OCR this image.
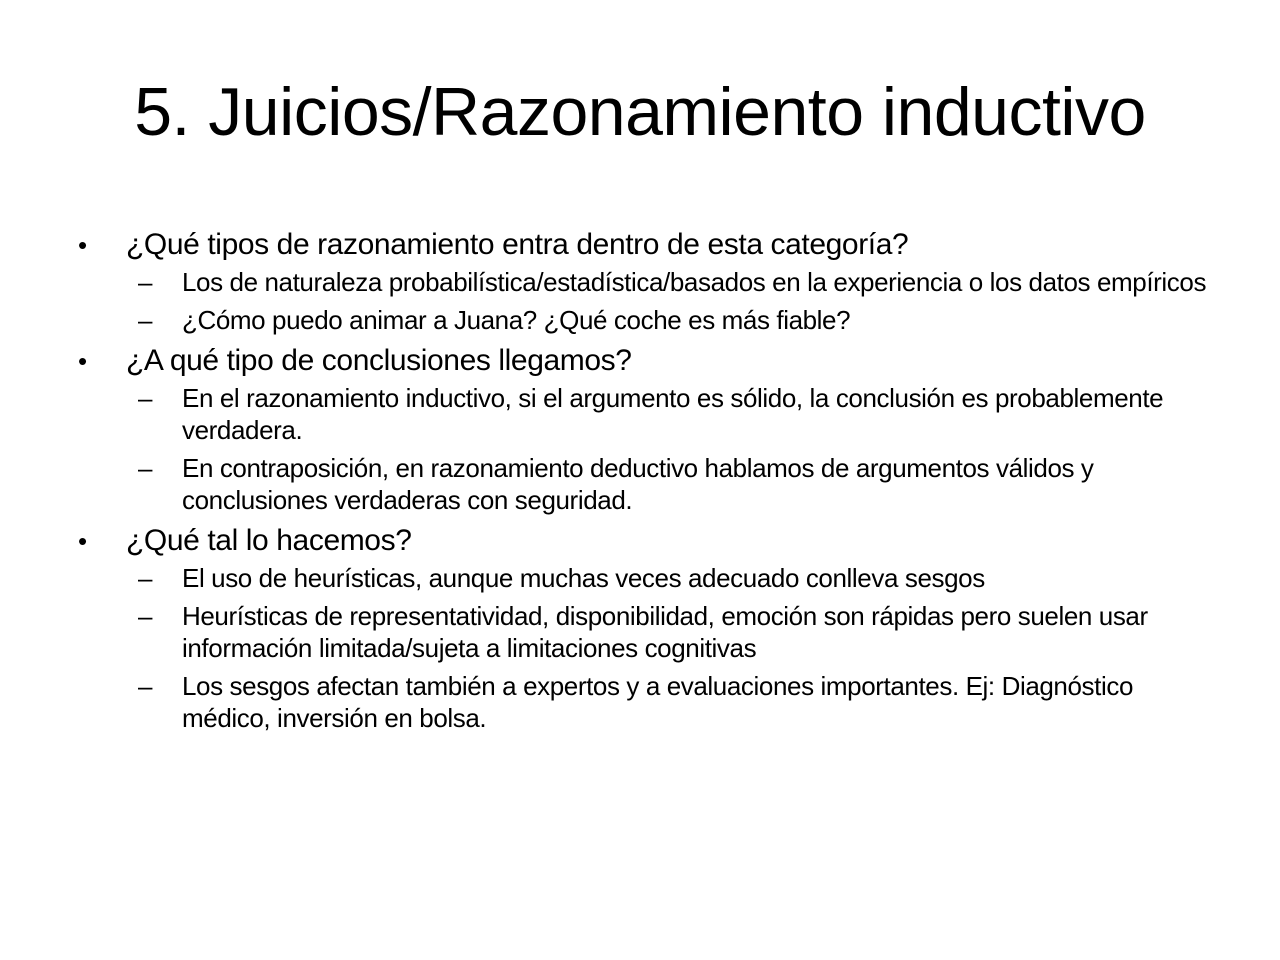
5. Juicios/Razonamiento inductivo
• ¿Qué tipos de razonamiento entra dentro de esta categoría?
– Los de naturaleza probabilística/estadística/basados en la experiencia o los datos empíricos
– ¿Cómo puedo animar a Juana? ¿Qué coche es más fiable?
• ¿A qué tipo de conclusiones llegamos?
– En el razonamiento inductivo, si el argumento es sólido, la conclusión es probablemente verdadera.
– En contraposición, en razonamiento deductivo hablamos de argumentos válidos y conclusiones verdaderas con seguridad.
• ¿Qué tal lo hacemos?
– El uso de heurísticas, aunque muchas veces adecuado conlleva sesgos
– Heurísticas de representatividad, disponibilidad, emoción son rápidas pero suelen usar información limitada/sujeta a limitaciones cognitivas
– Los sesgos afectan también a expertos y a evaluaciones importantes. Ej: Diagnóstico médico, inversión en bolsa.
